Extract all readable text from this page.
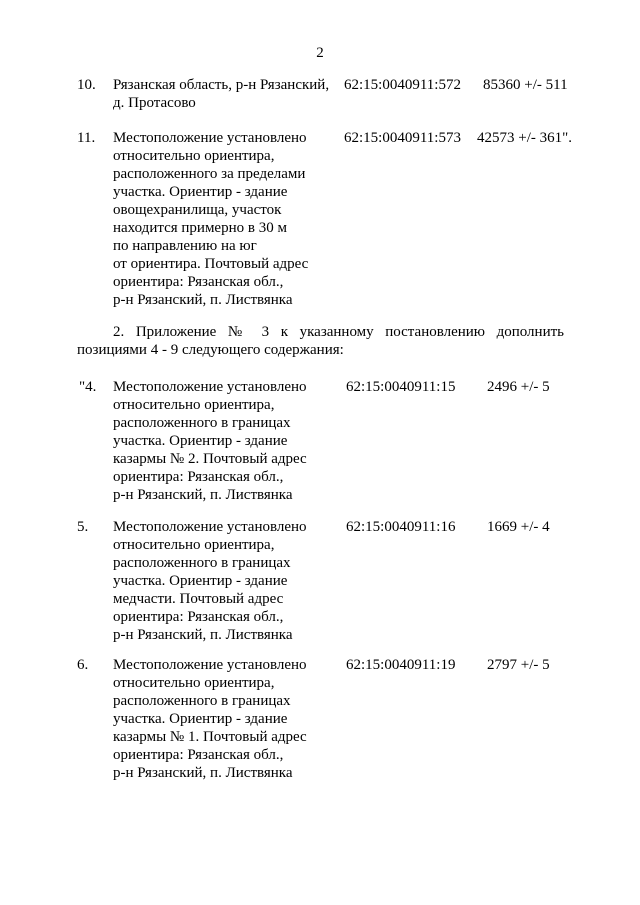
2
10. Рязанская область, р-н Рязанский,
д. Протасово
62:15:0040911:572 85360 +/- 511
11. Местоположение установлено
относительно ориентира,
расположенного за пределами
участка. Ориентир - здание
овощехранилища, участок
находится примерно в 30 м
по направлению на юг
от ориентира. Почтовый адрес
ориентира: Рязанская обл.,
р-н Рязанский, п. Листвянка
62:15:0040911:573 42573 +/- 361".
2. Приложение № 3 к указанному постановлению дополнить
позициями 4 - 9 следующего содержания:
"4. Местоположение установлено
относительно ориентира,
расположенного в границах
участка. Ориентир - здание
казармы № 2. Почтовый адрес
ориентира: Рязанская обл.,
р-н Рязанский, п. Листвянка
62:15:0040911:15 2496 +/- 5
5. Местоположение установлено
относительно ориентира,
расположенного в границах
участка. Ориентир - здание
медчасти. Почтовый адрес
ориентира: Рязанская обл.,
р-н Рязанский, п. Листвянка
62:15:0040911:16 1669 +/- 4
6. Местоположение установлено
относительно ориентира,
расположенного в границах
участка. Ориентир - здание
казармы № 1. Почтовый адрес
ориентира: Рязанская обл.,
р-н Рязанский, п. Листвянка
62:15:0040911:19 2797 +/- 5
